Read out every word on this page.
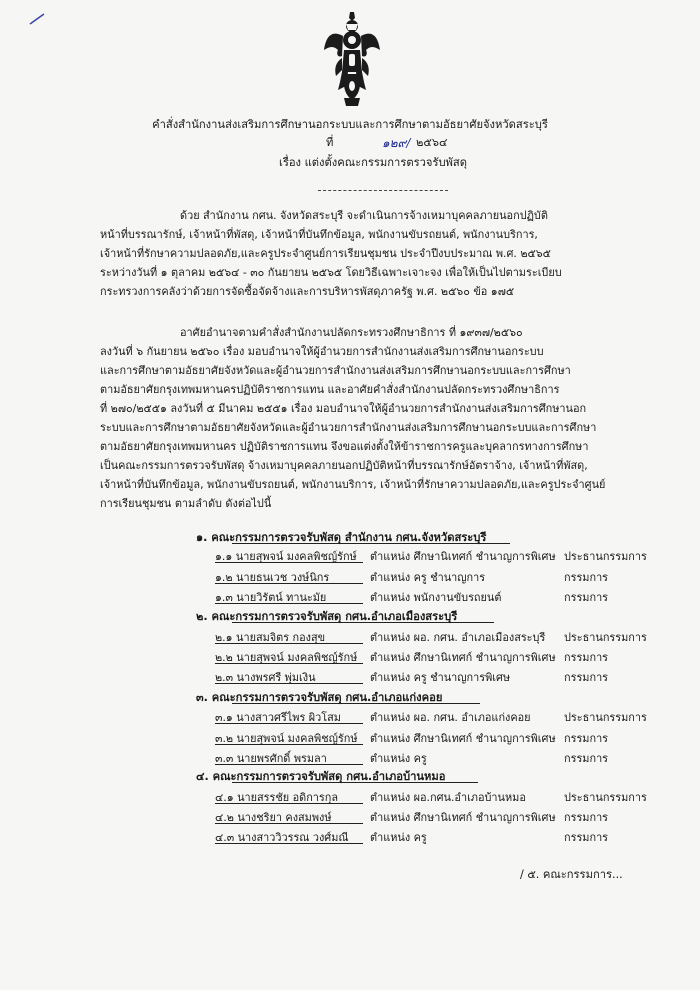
คำสั่งสำนักงานส่งเสริมการศึกษานอกระบบและการศึกษาตามอัธยาศัยจังหวัดสระบุรี
ที่	๑๒๙/ ๒๕๖๔
เรื่อง แต่งตั้งคณะกรรมการตรวจรับพัสดุ

ด้วย สำนักงาน กศน. จังหวัดสระบุรี จะดำเนินการจ้างเหมาบุคคลภายนอกปฏิบัติ

หน้าที่บรรณารักษ์, เจ้าหน้าที่พัสดุ, เจ้าหน้าที่บันทึกข้อมูล, พนักงานขับรถยนต์, พนักงานบริการ,

เจ้าหน้าที่รักษาความปลอดภัย,และครูประจำศูนย์การเรียนชุมชน ประจำปีงบประมาณ พ.ศ. ๒๕๖๕

ระหว่างวันที่ ๑ ตุลาคม ๒๕๖๔ - ๓๐ กันยายน ๒๕๖๕ โดยวิธีเฉพาะเจาะจง เพื่อให้เป็นไปตามระเบียบ

กระทรวงการคลังว่าด้วยการจัดซื้อจัดจ้างและการบริหารพัสดุภาครัฐ พ.ศ. ๒๕๖๐ ข้อ ๑๗๕

อาศัยอำนาจตามคำสั่งสำนักงานปลัดกระทรวงศึกษาธิการ ที่ ๑๙๓๗/๒๕๖๐

ลงวันที่ ๖ กันยายน ๒๕๖๐ เรื่อง มอบอำนาจให้ผู้อำนวยการสำนักงานส่งเสริมการศึกษานอกระบบ

และการศึกษาตามอัธยาศัยจังหวัดและผู้อำนวยการสำนักงานส่งเสริมการศึกษานอกระบบและการศึกษา

ตามอัธยาศัยกรุงเทพมหานครปฏิบัติราชการแทน และอาศัยคำสั่งสำนักงานปลัดกระทรวงศึกษาธิการ

ที่ ๒๗๐/๒๕๕๑ ลงวันที่ ๕ มีนาคม ๒๕๕๑ เรื่อง มอบอำนาจให้ผู้อำนวยการสำนักงานส่งเสริมการศึกษานอก

ระบบและการศึกษาตามอัธยาศัยจังหวัดและผู้อำนวยการสำนักงานส่งเสริมการศึกษานอกระบบและการศึกษา

ตามอัธยาศัยกรุงเทพมหานคร ปฏิบัติราชการแทน จึงขอแต่งตั้งให้ข้าราชการครูและบุคลากรทางการศึกษา

เป็นคณะกรรมการตรวจรับพัสดุ จ้างเหมาบุคคลภายนอกปฏิบัติหน้าที่บรรณารักษ์อัตราจ้าง, เจ้าหน้าที่พัสดุ,

เจ้าหน้าที่บันทึกข้อมูล, พนักงานขับรถยนต์, พนักงานบริการ, เจ้าหน้าที่รักษาความปลอดภัย,และครูประจำศูนย์

การเรียนชุมชน ตามลำดับ ดังต่อไปนี้

๑. คณะกรรมการตรวจรับพัสดุ สำนักงาน กศน.จังหวัดสระบุรี
๑.๑ นายสุพจน์ มงคลพิชญ์รักษ์ ตำแหน่ง ศึกษานิเทศก์ ชำนาญการพิเศษ ประธานกรรมการ
๑.๒ นายธนเวช วงษ์นิกร	ตำแหน่ง ครู ชำนาญการ	กรรมการ
๑.๓ นายวิรัตน์ ทานะมัย	ตำแหน่ง พนักงานขับรถยนต์	กรรมการ
๒. คณะกรรมการตรวจรับพัสดุ กศน.อำเภอเมืองสระบุรี
๒.๑ นายสมจิตร กองสุข	ตำแหน่ง ผอ. กศน. อำเภอเมืองสระบุรี ประธานกรรมการ
๒.๒ นายสุพจน์ มงคลพิชญ์รักษ์ ตำแหน่ง ศึกษานิเทศก์ ชำนาญการพิเศษ กรรมการ
๒.๓ นางพรศรี พุ่มเงิน	ตำแหน่ง ครู ชำนาญการพิเศษ	กรรมการ
๓. คณะกรรมการตรวจรับพัสดุ กศน.อำเภอแก่งคอย
๓.๑ นางสาวศรีไพร ผิวโสม	ตำแหน่ง ผอ. กศน. อำเภอแก่งคอย	ประธานกรรมการ
๓.๒ นายสุพจน์ มงคลพิชญ์รักษ์ ตำแหน่ง ศึกษานิเทศก์ ชำนาญการพิเศษ กรรมการ
๓.๓ นายพรศักดิ์ พรมลา	ตำแหน่ง ครู	กรรมการ
๔. คณะกรรมการตรวจรับพัสดุ กศน.อำเภอบ้านหมอ
๔.๑ นายสรรชัย อดิการกุล	ตำแหน่ง ผอ.กศน.อำเภอบ้านหมอ	ประธานกรรมการ
๔.๒ นางชริยา คงสมพงษ์	ตำแหน่ง ศึกษานิเทศก์ ชำนาญการพิเศษ กรรมการ
๔.๓ นางสาววิวรรณ วงศ์มณี ตำแหน่ง ครู	กรรมการ
/ ๕. คณะกรรมการ...
